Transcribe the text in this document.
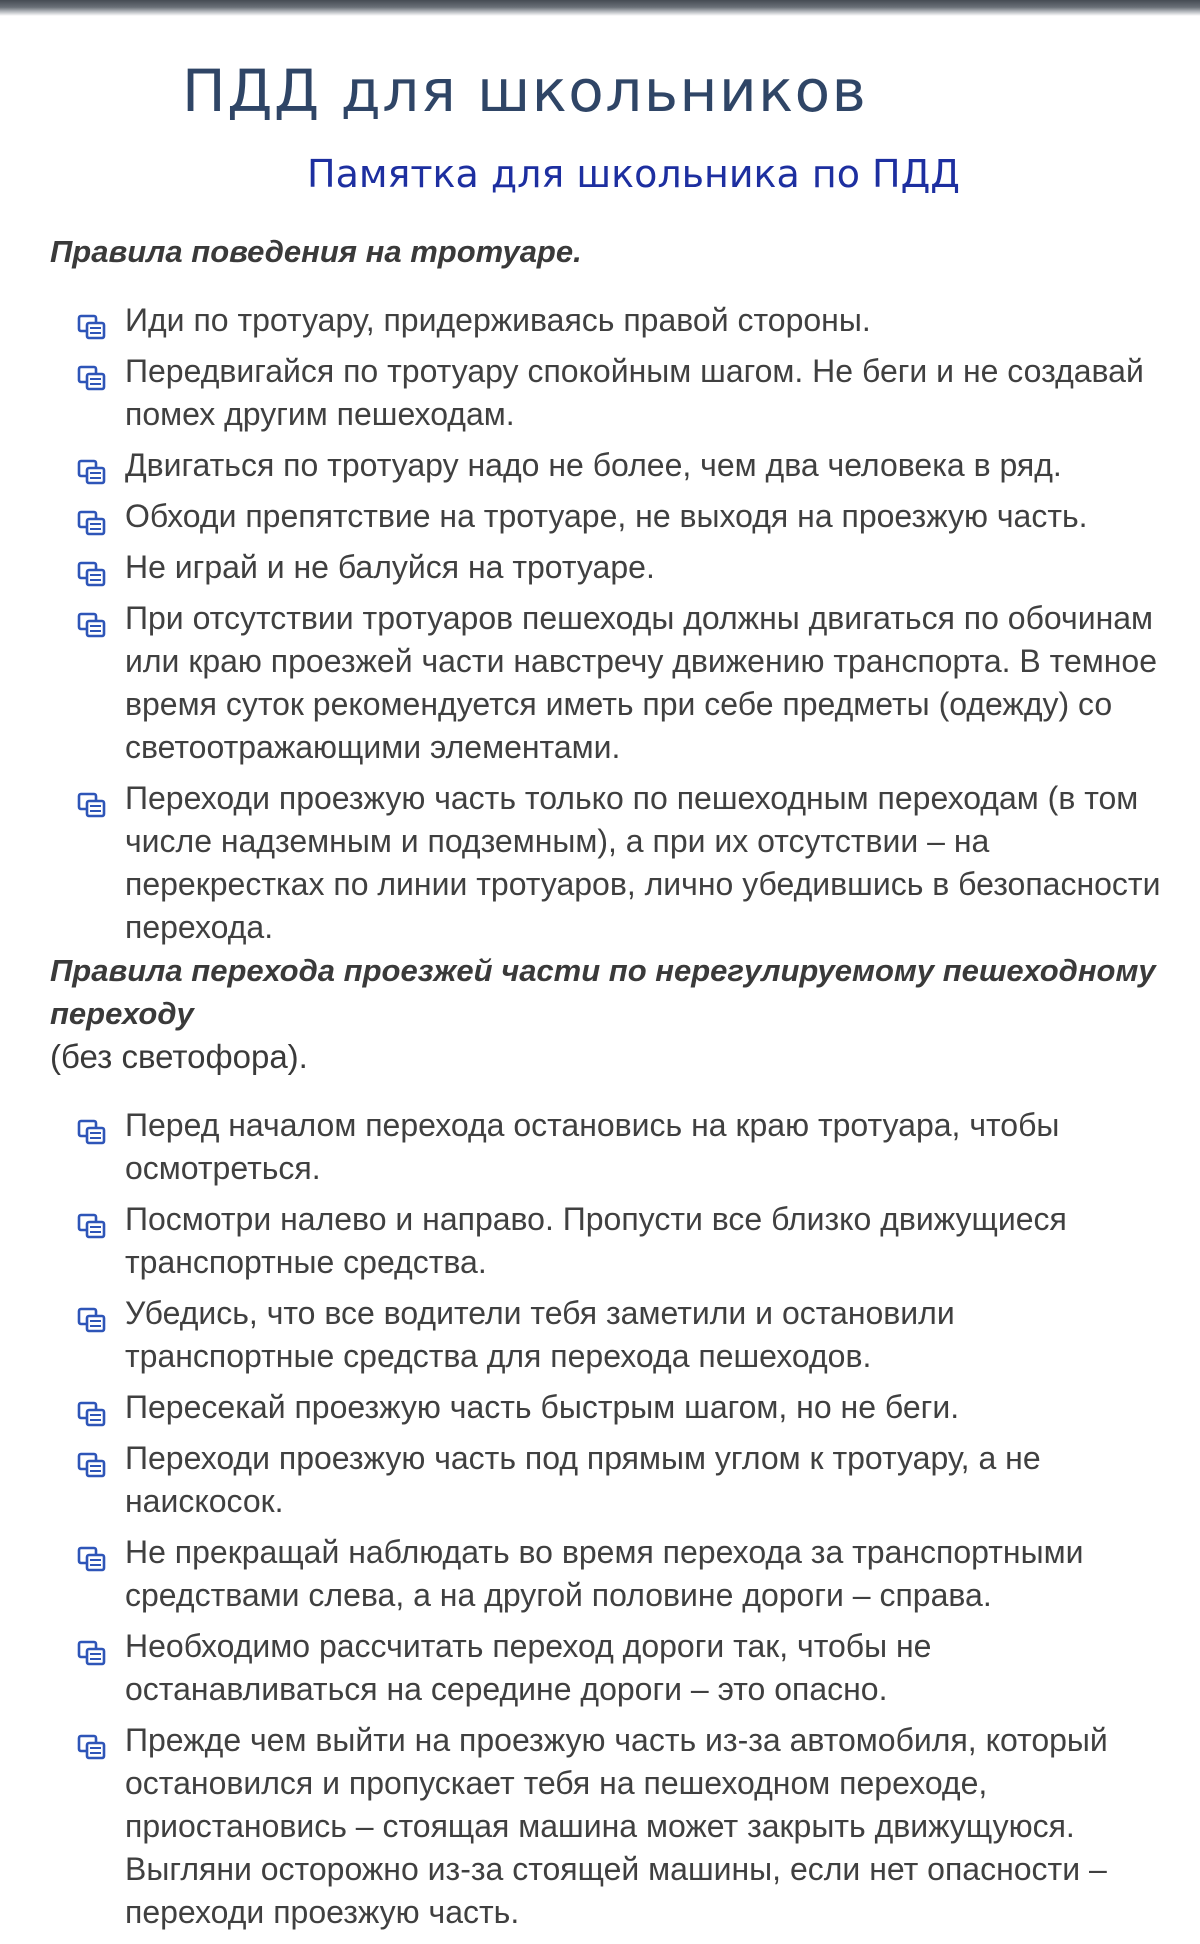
ПДД для школьников
Памятка для школьника по ПДД

Правила поведения на тротуаре.

Иди по тротуару, придерживаясь правой стороны.
Передвигайся по тротуару спокойным шагом. Не беги и не создавай помех другим пешеходам.
Двигаться по тротуару надо не более, чем два человека в ряд.
Обходи препятствие на тротуаре, не выходя на проезжую часть.
Не играй и не балуйся на тротуаре.
При отсутствии тротуаров пешеходы должны двигаться по обочинам или краю проезжей части навстречу движению транспорта. В темное время суток рекомендуется иметь при себе предметы (одежду) со светоотражающими элементами.
Переходи проезжую часть только по пешеходным переходам (в том числе надземным и подземным), а при их отсутствии – на перекрестках по линии тротуаров, лично убедившись в безопасности перехода.

Правила перехода проезжей части по нерегулируемому пешеходному переходу

(без светофора).

Перед началом перехода остановись на краю тротуара, чтобы осмотреться.
Посмотри налево и направо. Пропусти все близко движущиеся транспортные средства.
Убедись, что все водители тебя заметили и остановили транспортные средства для перехода пешеходов.
Пересекай проезжую часть быстрым шагом, но не беги.
Переходи проезжую часть под прямым углом к тротуару, а не наискосок.
Не прекращай наблюдать во время перехода за транспортными средствами слева, а на другой половине дороги – справа.
Необходимо рассчитать переход дороги так, чтобы не останавливаться на середине дороги – это опасно.
Прежде чем выйти на проезжую часть из-за автомобиля, который остановился и пропускает тебя на пешеходном переходе, приостановись – стоящая машина может закрыть движущуюся. Выгляни осторожно из-за стоящей машины, если нет опасности – переходи проезжую часть.
